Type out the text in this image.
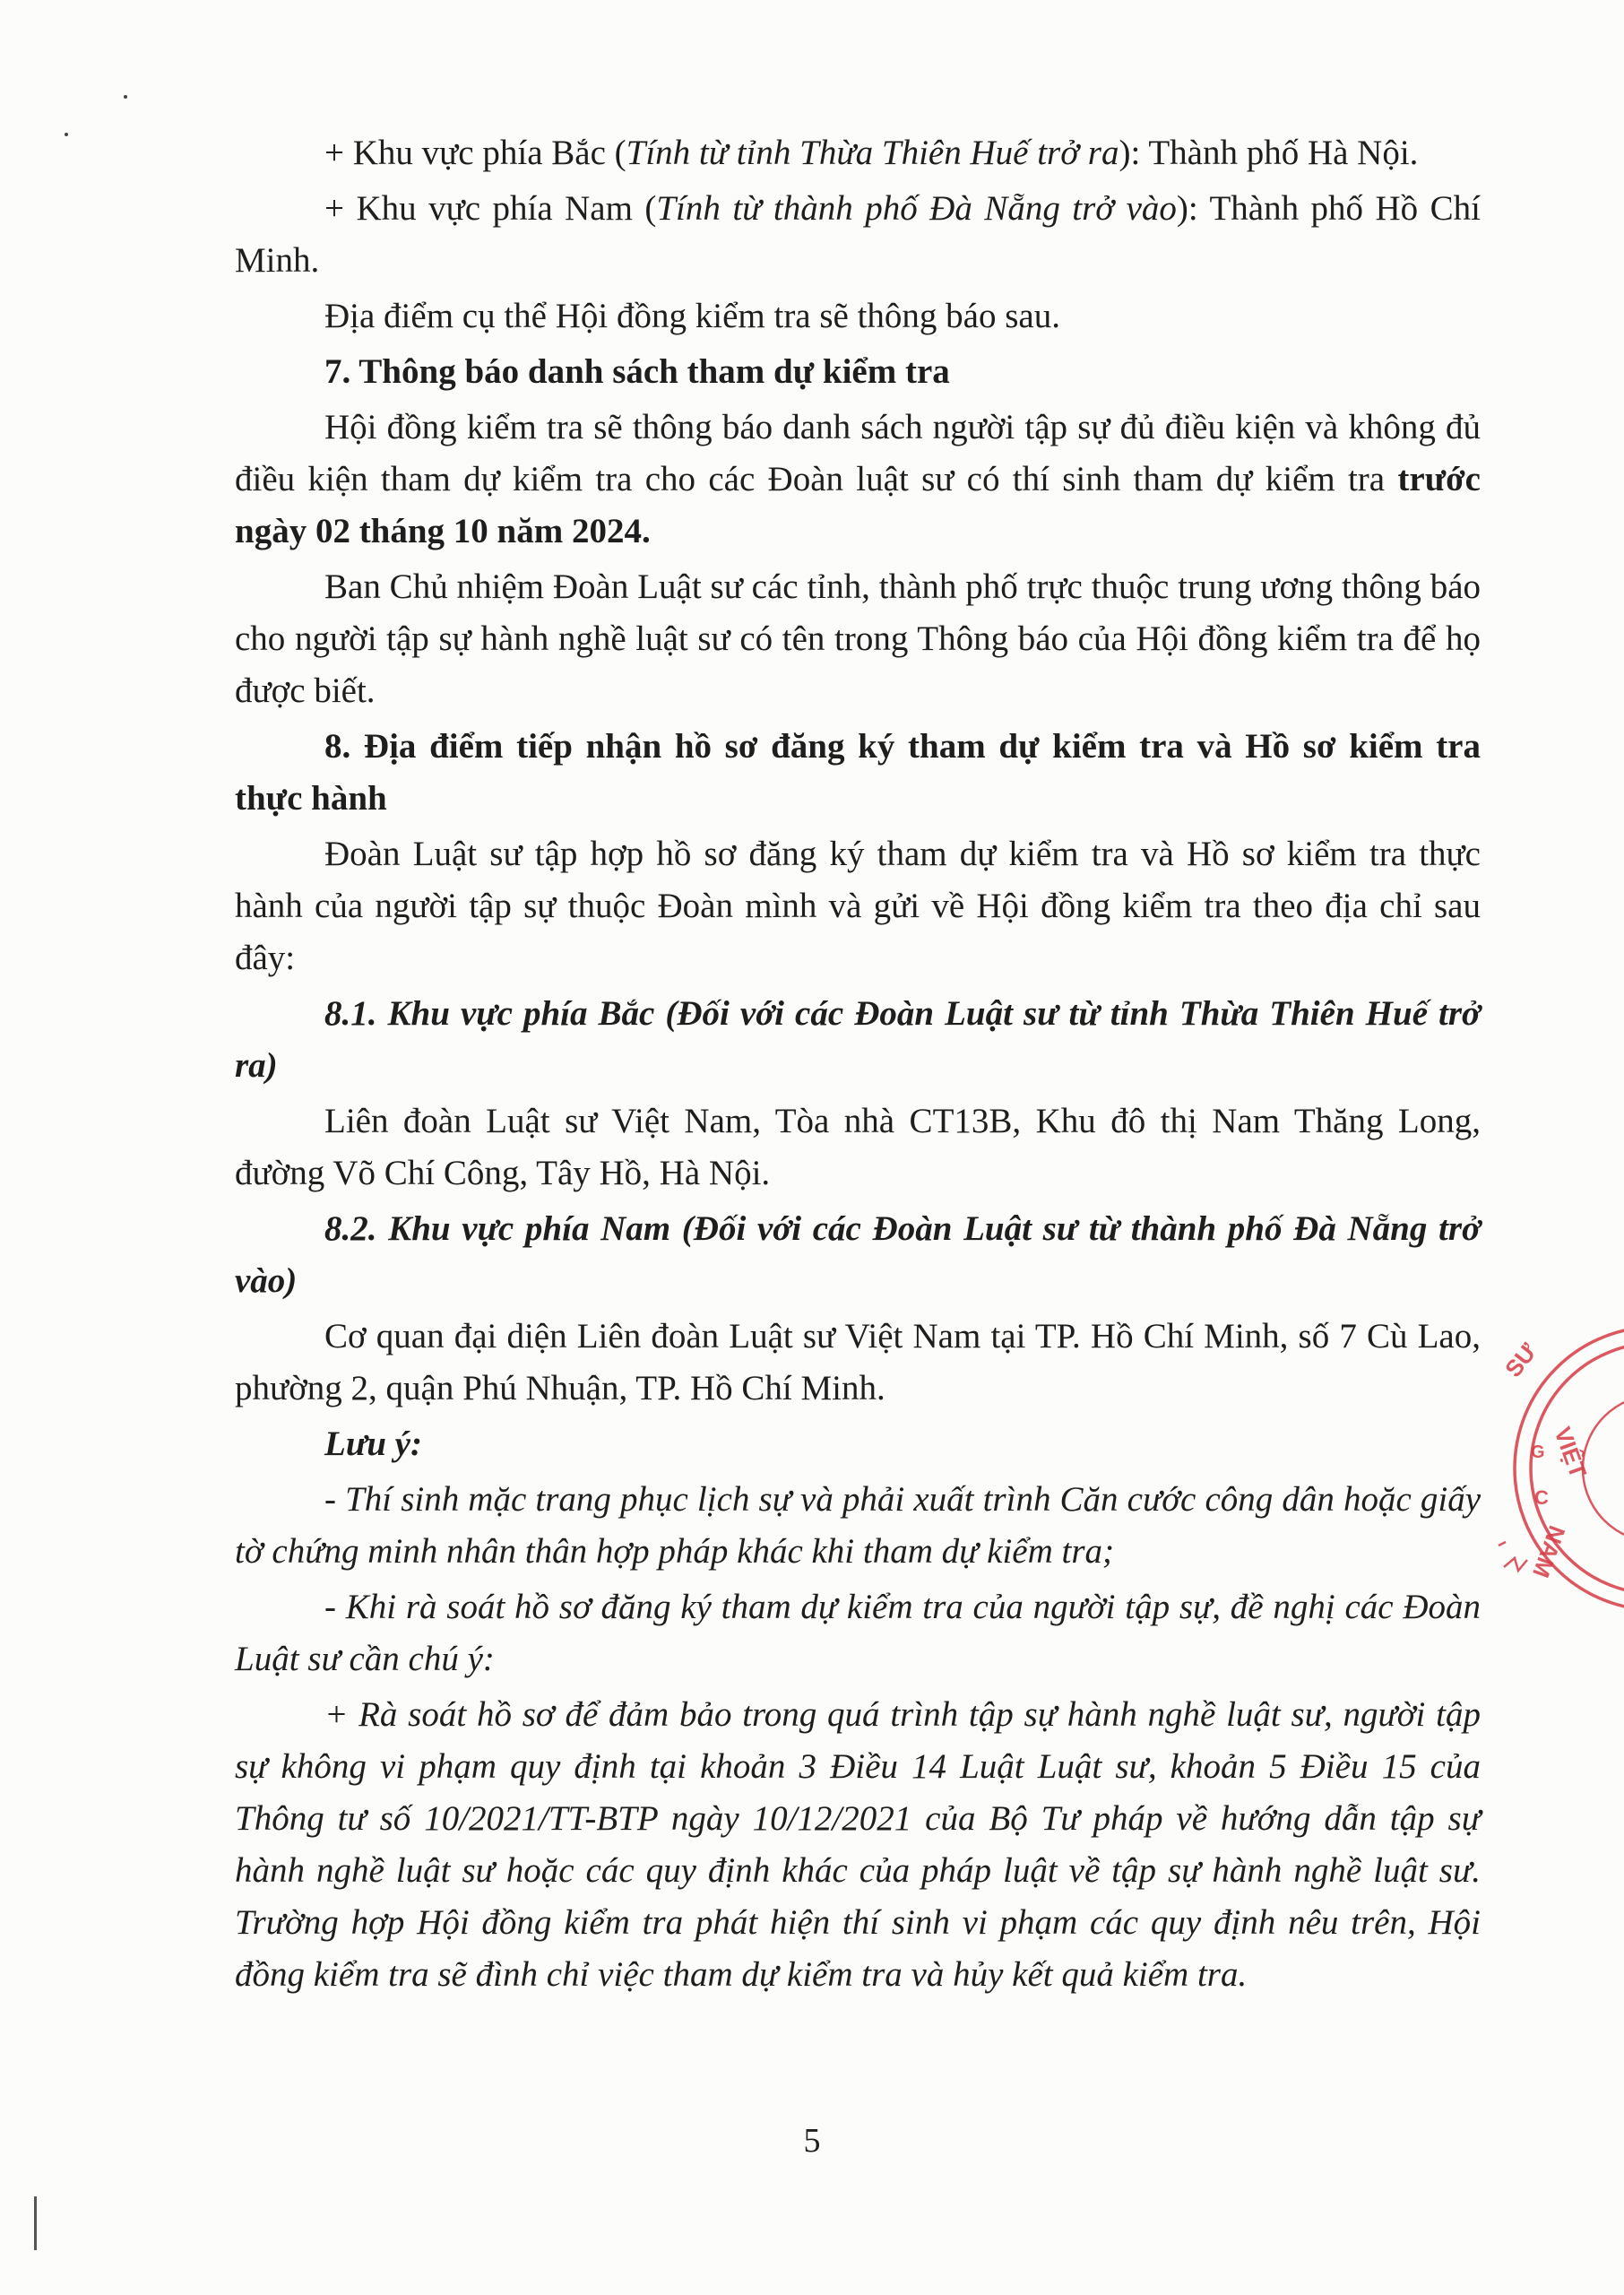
+ Khu vực phía Bắc (Tính từ tỉnh Thừa Thiên Huế trở ra): Thành phố Hà Nội.

+ Khu vực phía Nam (Tính từ thành phố Đà Nẵng trở vào): Thành phố Hồ Chí Minh.

Địa điểm cụ thể Hội đồng kiểm tra sẽ thông báo sau.

7. Thông báo danh sách tham dự kiểm tra

Hội đồng kiểm tra sẽ thông báo danh sách người tập sự đủ điều kiện và không đủ điều kiện tham dự kiểm tra cho các Đoàn luật sư có thí sinh tham dự kiểm tra trước ngày 02 tháng 10 năm 2024.

Ban Chủ nhiệm Đoàn Luật sư các tỉnh, thành phố trực thuộc trung ương thông báo cho người tập sự hành nghề luật sư có tên trong Thông báo của Hội đồng kiểm tra để họ được biết.

8. Địa điểm tiếp nhận hồ sơ đăng ký tham dự kiểm tra và Hồ sơ kiểm tra thực hành

Đoàn Luật sư tập hợp hồ sơ đăng ký tham dự kiểm tra và Hồ sơ kiểm tra thực hành của người tập sự thuộc Đoàn mình và gửi về Hội đồng kiểm tra theo địa chỉ sau đây:

8.1. Khu vực phía Bắc (Đối với các Đoàn Luật sư từ tỉnh Thừa Thiên Huế trở ra)

Liên đoàn Luật sư Việt Nam, Tòa nhà CT13B, Khu đô thị Nam Thăng Long, đường Võ Chí Công, Tây Hồ, Hà Nội.

8.2. Khu vực phía Nam (Đối với các Đoàn Luật sư từ thành phố Đà Nẵng trở vào)

Cơ quan đại diện Liên đoàn Luật sư Việt Nam tại TP. Hồ Chí Minh, số 7 Cù Lao, phường 2, quận Phú Nhuận, TP. Hồ Chí Minh.

Lưu ý:

- Thí sinh mặc trang phục lịch sự và phải xuất trình Căn cước công dân hoặc giấy tờ chứng minh nhân thân hợp pháp khác khi tham dự kiểm tra;

- Khi rà soát hồ sơ đăng ký tham dự kiểm tra của người tập sự, đề nghị các Đoàn Luật sư cần chú ý:

+ Rà soát hồ sơ để đảm bảo trong quá trình tập sự hành nghề luật sư, người tập sự không vi phạm quy định tại khoản 3 Điều 14 Luật Luật sư, khoản 5 Điều 15 của Thông tư số 10/2021/TT-BTP ngày 10/12/2021 của Bộ Tư pháp về hướng dẫn tập sự hành nghề luật sư hoặc các quy định khác của pháp luật về tập sự hành nghề luật sư. Trường hợp Hội đồng kiểm tra phát hiện thí sinh vi phạm các quy định nêu trên, Hội đồng kiểm tra sẽ đình chỉ việc tham dự kiểm tra và hủy kết quả kiểm tra.

SƯ
VIỆT
NAM
G
C
5
